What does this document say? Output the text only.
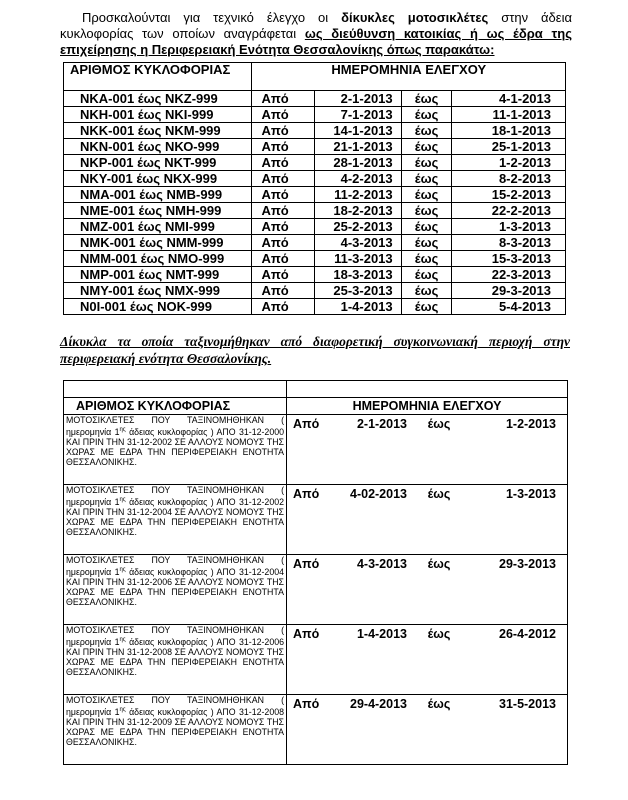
Προσκαλούνται για τεχνικό έλεγχο οι δίκυκλες μοτοσικλέτες στην άδεια κυκλοφορίας των οποίων αναγράφεται ως διεύθυνση κατοικίας ή ως έδρα της επιχείρησης η Περιφερειακή Ενότητα Θεσσαλονίκης όπως παρακάτω:
ΑΡΙΘΜΟΣ ΚΥΚΛΟΦΟΡΙΑΣ	ΗΜΕΡΟΜΗΝΙΑ ΕΛΕΓΧΟΥ			
ΝΚΑ-001 έως ΝΚΖ-999	Από	2-1-2013	έως	4-1-2013
ΝΚΗ-001 έως ΝΚΙ-999	Από	7-1-2013	έως	11-1-2013
ΝΚΚ-001 έως ΝΚΜ-999	Από	14-1-2013	έως	18-1-2013
ΝΚΝ-001 έως ΝΚΟ-999	Από	21-1-2013	έως	25-1-2013
ΝΚΡ-001 έως ΝΚΤ-999	Από	28-1-2013	έως	1-2-2013
ΝΚΥ-001 έως ΝΚΧ-999	Από	4-2-2013	έως	8-2-2013
ΝΜΑ-001 έως ΝΜΒ-999	Από	11-2-2013	έως	15-2-2013
ΝΜΕ-001 έως ΝΜΗ-999	Από	18-2-2013	έως	22-2-2013
ΝΜΖ-001 έως ΝΜΙ-999	Από	25-2-2013	έως	1-3-2013
ΝΜΚ-001 έως ΝΜΜ-999	Από	4-3-2013	έως	8-3-2013
ΝΜΜ-001 έως ΝΜΟ-999	Από	11-3-2013	έως	15-3-2013
ΝΜΡ-001 έως ΝΜΤ-999	Από	18-3-2013	έως	22-3-2013
ΝΜΥ-001 έως ΝΜΧ-999	Από	25-3-2013	έως	29-3-2013
Ν0Ι-001 έως ΝΟΚ-999	Από	1-4-2013	έως	5-4-2013
Δίκυκλα τα οποία ταξινομήθηκαν από διαφορετική συγκοινωνιακή περιοχή στην περιφερειακή ενότητα Θεσσαλονίκης.

ΑΡΙΘΜΟΣ ΚΥΚΛΟΦΟΡΙΑΣ	ΗΜΕΡΟΜΗΝΙΑ ΕΛΕΓΧΟΥ
ΜΟΤΟΣΙΚΛΕΤΕΣ ΠΟΥ ΤΑΞΙΝΟΜΗΘΗΚΑΝ ( ημερομηνία $1^{\eta\varsigma}$ άδειας κυκλοφορίας ) ΑΠΟ 31-12-2000 ΚΑΙ ΠΡΙΝ ΤΗΝ 31-12-2002 ΣΕ ΑΛΛΟΥΣ ΝΟΜΟΥΣ ΤΗΣ ΧΩΡΑΣ ΜΕ ΕΔΡΑ ΤΗΝ ΠΕΡΙΦΕΡΕΙΑΚΗ ΕΝΟΤΗΤΑ ΘΕΣΣΑΛΟΝΙΚΗΣ.	Από 2-1-2013 έως 1-2-2013

ΜΟΤΟΣΙΚΛΕΤΕΣ ΠΟΥ ΤΑΞΙΝΟΜΗΘΗΚΑΝ ( ημερομηνία $1^{\eta\varsigma}$ άδειας κυκλοφορίας ) ΑΠΟ 31-12-2002 ΚΑΙ ΠΡΙΝ ΤΗΝ 31-12-2004 ΣΕ ΑΛΛΟΥΣ ΝΟΜΟΥΣ ΤΗΣ ΧΩΡΑΣ ΜΕ ΕΔΡΑ ΤΗΝ ΠΕΡΙΦΕΡΕΙΑΚΗ ΕΝΟΤΗΤΑ ΘΕΣΣΑΛΟΝΙΚΗΣ.	Από 4-02-2013 έως 1-3-2013

ΜΟΤΟΣΙΚΛΕΤΕΣ ΠΟΥ ΤΑΞΙΝΟΜΗΘΗΚΑΝ ( ημερομηνία $1^{\eta\varsigma}$ άδειας κυκλοφορίας ) ΑΠΟ 31-12-2004 ΚΑΙ ΠΡΙΝ ΤΗΝ 31-12-2006 ΣΕ ΑΛΛΟΥΣ ΝΟΜΟΥΣ ΤΗΣ ΧΩΡΑΣ ΜΕ ΕΔΡΑ ΤΗΝ ΠΕΡΙΦΕΡΕΙΑΚΗ ΕΝΟΤΗΤΑ ΘΕΣΣΑΛΟΝΙΚΗΣ.	Από 4-3-2013 έως 29-3-2013

ΜΟΤΟΣΙΚΛΕΤΕΣ ΠΟΥ ΤΑΞΙΝΟΜΗΘΗΚΑΝ ( ημερομηνία $1^{\eta\varsigma}$ άδειας κυκλοφορίας ) ΑΠΟ 31-12-2006 ΚΑΙ ΠΡΙΝ ΤΗΝ 31-12-2008 ΣΕ ΑΛΛΟΥΣ ΝΟΜΟΥΣ ΤΗΣ ΧΩΡΑΣ ΜΕ ΕΔΡΑ ΤΗΝ ΠΕΡΙΦΕΡΕΙΑΚΗ ΕΝΟΤΗΤΑ ΘΕΣΣΑΛΟΝΙΚΗΣ.	Από 1-4-2013 έως 26-4-2012

ΜΟΤΟΣΙΚΛΕΤΕΣ ΠΟΥ ΤΑΞΙΝΟΜΗΘΗΚΑΝ ( ημερομηνία $1^{\eta\varsigma}$ άδειας κυκλοφορίας ) ΑΠΟ 31-12-2008 ΚΑΙ ΠΡΙΝ ΤΗΝ 31-12-2009 ΣΕ ΑΛΛΟΥΣ ΝΟΜΟΥΣ ΤΗΣ ΧΩΡΑΣ ΜΕ ΕΔΡΑ ΤΗΝ ΠΕΡΙΦΕΡΕΙΑΚΗ ΕΝΟΤΗΤΑ ΘΕΣΣΑΛΟΝΙΚΗΣ.	Από 29-4-2013 έως 31-5-2013
